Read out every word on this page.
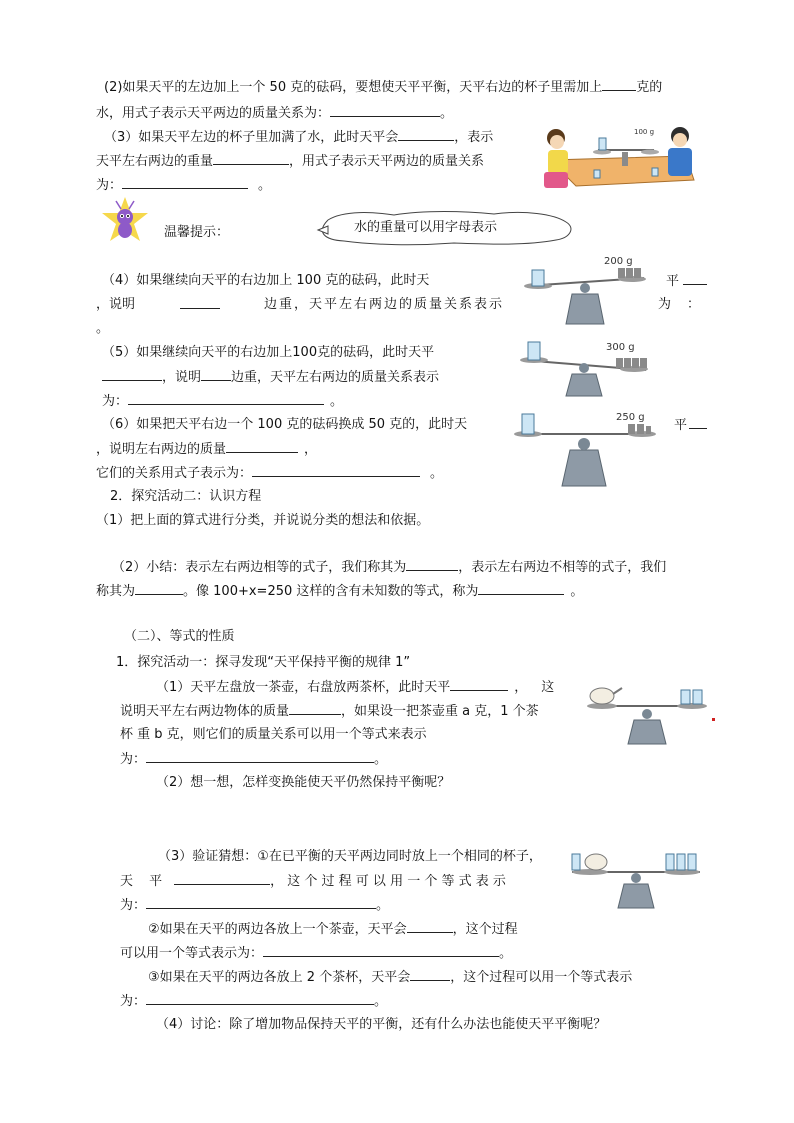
(2)如果天平的左边加上一个 50 克的砝码，要想使天平平衡，天平右边的杯子里需加上	克的
水，用式子表示天平两边的质量关系为：	。
（3）如果天平左边的杯子里加满了水，此时天平会	，表示
天平左右两边的重量	，用式子表示天平两边的质量关系
为：	。
100 g
温馨提示：	水的重量可以用字母表示
（4）如果继续向天平的右边加上 100 克的砝码，此时天	平
，说明	边重，天平左右两边的质量关系表示	为：
。
200 g
（5）如果继续向天平的右边加上100克的砝码，此时天平
，说明 边重，天平左右两边的质量关系表示
为：	。
300 g
（6）如果把天平右边一个 100 克的砝码换成 50 克的，此时天	平
，说明左右两边的质量	，
它们的关系用式子表示为：	。
250 g
2．探究活动二：认识方程
（1）把上面的算式进行分类，并说说分类的想法和依据。
（2）小结：表示左右两边相等的式子，我们称其为	，表示左右两边不相等的式子，我们
称其为	。像 100+x=250 这样的含有未知数的等式，称为	。
（二）、等式的性质
1．探究活动一：探寻发现“天平保持平衡的规律 1”
（1）天平左盘放一茶壶，右盘放两茶杯，此时天平	， 这
说明天平左右两边物体的质量	，如果设一把茶壶重 a 克，1 个茶
杯 重 b 克，则它们的质量关系可以用一个等式来表示
为：	。
（2）想一想，怎样变换能使天平仍然保持平衡呢？
（3）验证猜想：①在已平衡的天平两边同时放上一个相同的杯子，
天 平	， 这 个 过 程 可 以 用 一 个 等 式 表 示
为：	。
②如果在天平的两边各放上一个茶壶，天平会	，这个过程
可以用一个等式表示为：	。
③如果在天平的两边各放上 2 个茶杯，天平会	，这个过程可以用一个等式表示
为：	。
（4）讨论：除了增加物品保持天平的平衡，还有什么办法也能使天平平衡呢？
